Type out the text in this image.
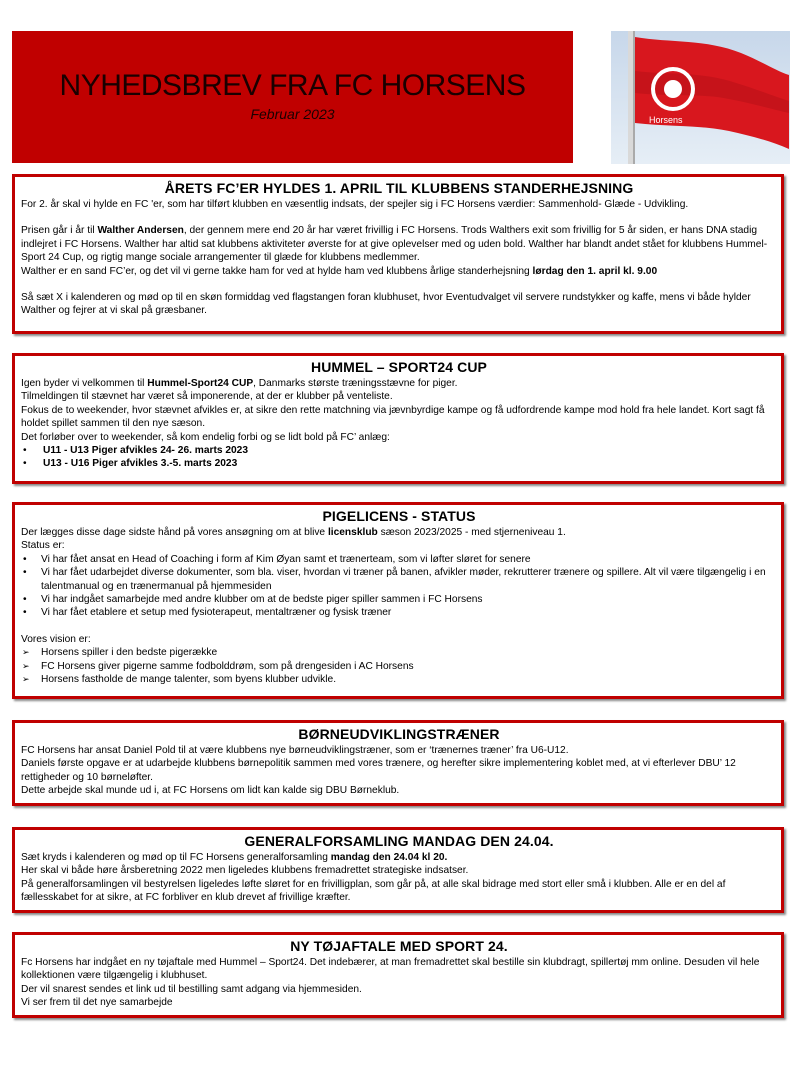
NYHEDSBREV FRA FC HORSENS
Februar 2023	Horsens
ÅRETS FC’ER HYLDES 1. APRIL TIL KLUBBENS STANDERHEJSNING

For 2. år skal vi hylde en FC 'er, som har tilført klubben en væsentlig indsats, der spejler sig i FC Horsens værdier: Sammenhold- Glæde - Udvikling.

Prisen går i år til Walther Andersen, der gennem mere end 20 år har været frivillig i FC Horsens. Trods Walthers exit som frivillig for 5 år siden, er hans DNA stadig indlejret i FC Horsens. Walther har altid sat klubbens aktiviteter øverste for at give oplevelser med og uden bold. Walther har blandt andet stået for klubbens Hummel- Sport 24 Cup, og rigtig mange sociale arrangementer til glæde for klubbens medlemmer.

Walther er en sand FC’er, og det vil vi gerne takke ham for ved at hylde ham ved klubbens årlige standerhejsning lørdag den 1. april kl. 9.00

Så sæt X i kalenderen og mød op til en skøn formiddag ved flagstangen foran klubhuset, hvor Eventudvalget vil servere rundstykker og kaffe, mens vi både hylder Walther og fejrer at vi skal på græsbaner.

HUMMEL – SPORT24 CUP

Igen byder vi velkommen til Hummel-Sport24 CUP, Danmarks største træningsstævne for piger.

Tilmeldingen til stævnet har været så imponerende, at der er klubber på venteliste.

Fokus de to weekender, hvor stævnet afvikles er, at sikre den rette matchning via jævnbyrdige kampe og få udfordrende kampe mod hold fra hele landet. Kort sagt få holdet spillet sammen til den nye sæson.

Det forløber over to weekender, så kom endelig forbi og se lidt bold på FC’ anlæg:

• U11 - U13 Piger afvikles 24- 26. marts 2023
• U13 - U16 Piger afvikles 3.-5. marts 2023
PIGELICENS - STATUS

Der lægges disse dage sidste hånd på vores ansøgning om at blive licensklub sæson 2023/2025 - med stjerneniveau 1.

Status er:

• Vi har fået ansat en Head of Coaching i form af Kim Øyan samt et trænerteam, som vi løfter sløret for senere
• Vi har fået udarbejdet diverse dokumenter, som bla. viser, hvordan vi træner på banen, afvikler møder, rekrutterer trænere og spillere. Alt vil være tilgængelig i en talentmanual og en trænermanual på hjemmesiden
• Vi har indgået samarbejde med andre klubber om at de bedste piger spiller sammen i FC Horsens
• Vi har fået etablere et setup med fysioterapeut, mentaltræner og fysisk træner

Vores vision er:

➢ Horsens spiller i den bedste pigerække
➢ FC Horsens giver pigerne samme fodbolddrøm, som på drengesiden i AC Horsens
➢ Horsens fastholde de mange talenter, som byens klubber udvikle.
BØRNEUDVIKLINGSTRÆNER

FC Horsens har ansat Daniel Pold til at være klubbens nye børneudviklingstræner, som er ‘trænernes træner’ fra U6-U12.

Daniels første opgave er at udarbejde klubbens børnepolitik sammen med vores trænere, og herefter sikre implementering koblet med, at vi efterlever DBU’ 12 rettigheder og 10 børneløfter.

Dette arbejde skal munde ud i, at FC Horsens om lidt kan kalde sig DBU Børneklub.

GENERALFORSAMLING MANDAG DEN 24.04.

Sæt kryds i kalenderen og mød op til FC Horsens generalforsamling mandag den 24.04 kl 20.

Her skal vi både høre årsberetning 2022 men ligeledes klubbens fremadrettet strategiske indsatser.

På generalforsamlingen vil bestyrelsen ligeledes løfte sløret for en frivilligplan, som går på, at alle skal bidrage med stort eller små i klubben. Alle er en del af fællesskabet for at sikre, at FC forbliver en klub drevet af frivillige kræfter.

NY TØJAFTALE MED SPORT 24.

Fc Horsens har indgået en ny tøjaftale med Hummel – Sport24. Det indebærer, at man fremadrettet skal bestille sin klubdragt, spillertøj mm online. Desuden vil hele kollektionen være tilgængelig i klubhuset.

Der vil snarest sendes et link ud til bestilling samt adgang via hjemmesiden.

Vi ser frem til det nye samarbejde
